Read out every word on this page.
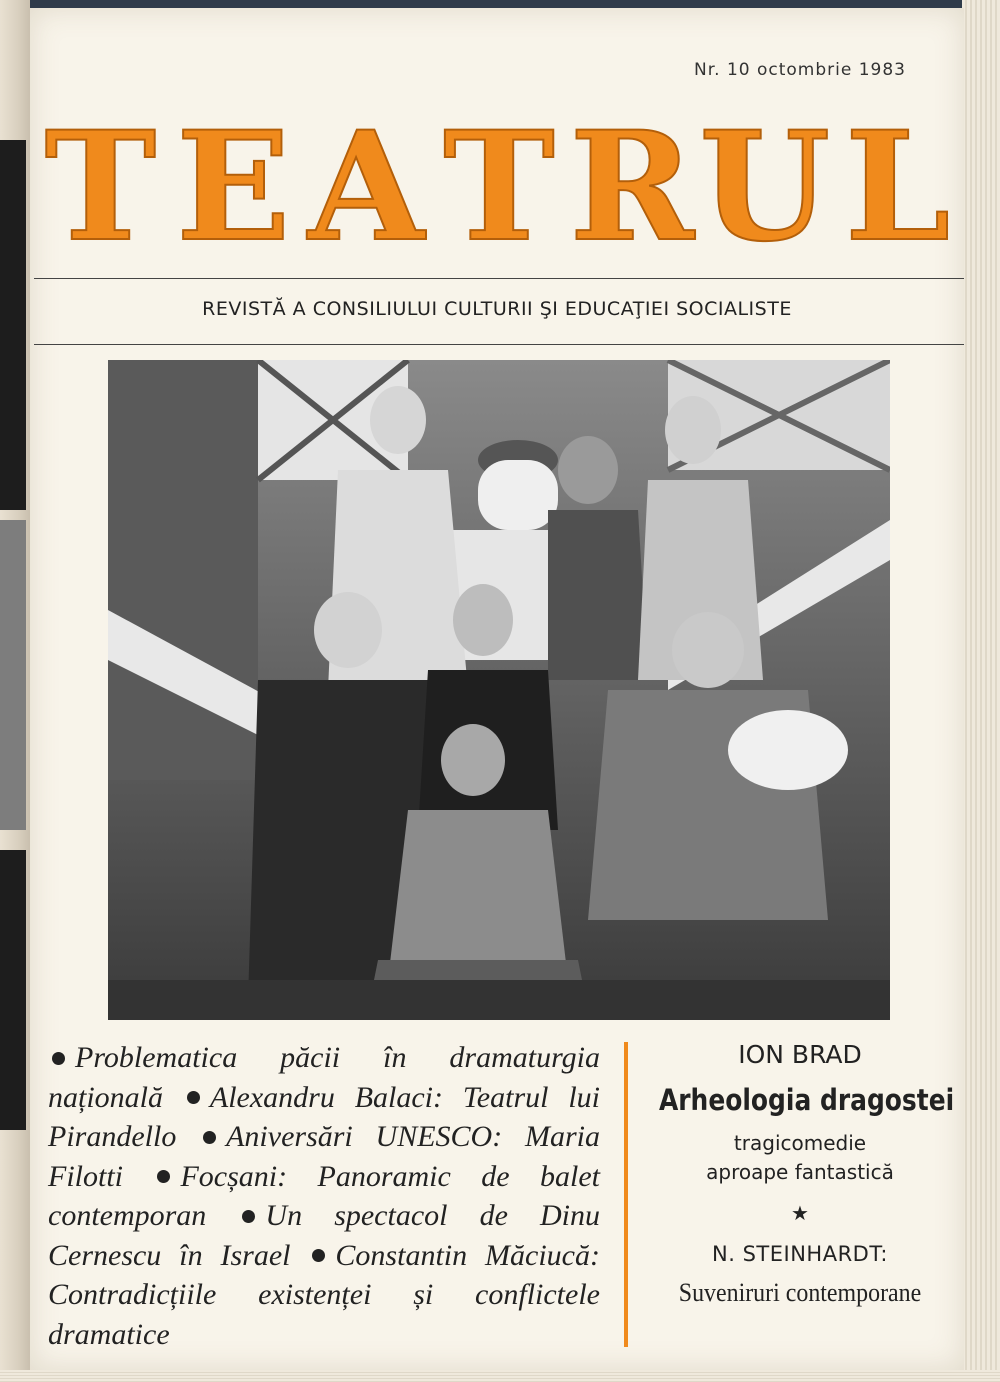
Nr. 10 octombrie 1983
T E A T R U L
REVISTĂ A CONSILIULUI CULTURII ŞI EDUCAŢIEI SOCIALISTE
Problematica păcii în dramaturgia națională Alexandru Balaci: Teatrul lui Pirandello Aniversări UNESCO: Maria Filotti Focșani: Panoramic de balet contemporan Un spectacol de Dinu Cernescu în Israel Constantin Măciucă: Contradicțiile existenței și conflictele dramatice
ION BRAD
Arheologia dragostei
tragicomedie
aproape fantastică
★
N. STEINHARDT:
Suveniruri contemporane
